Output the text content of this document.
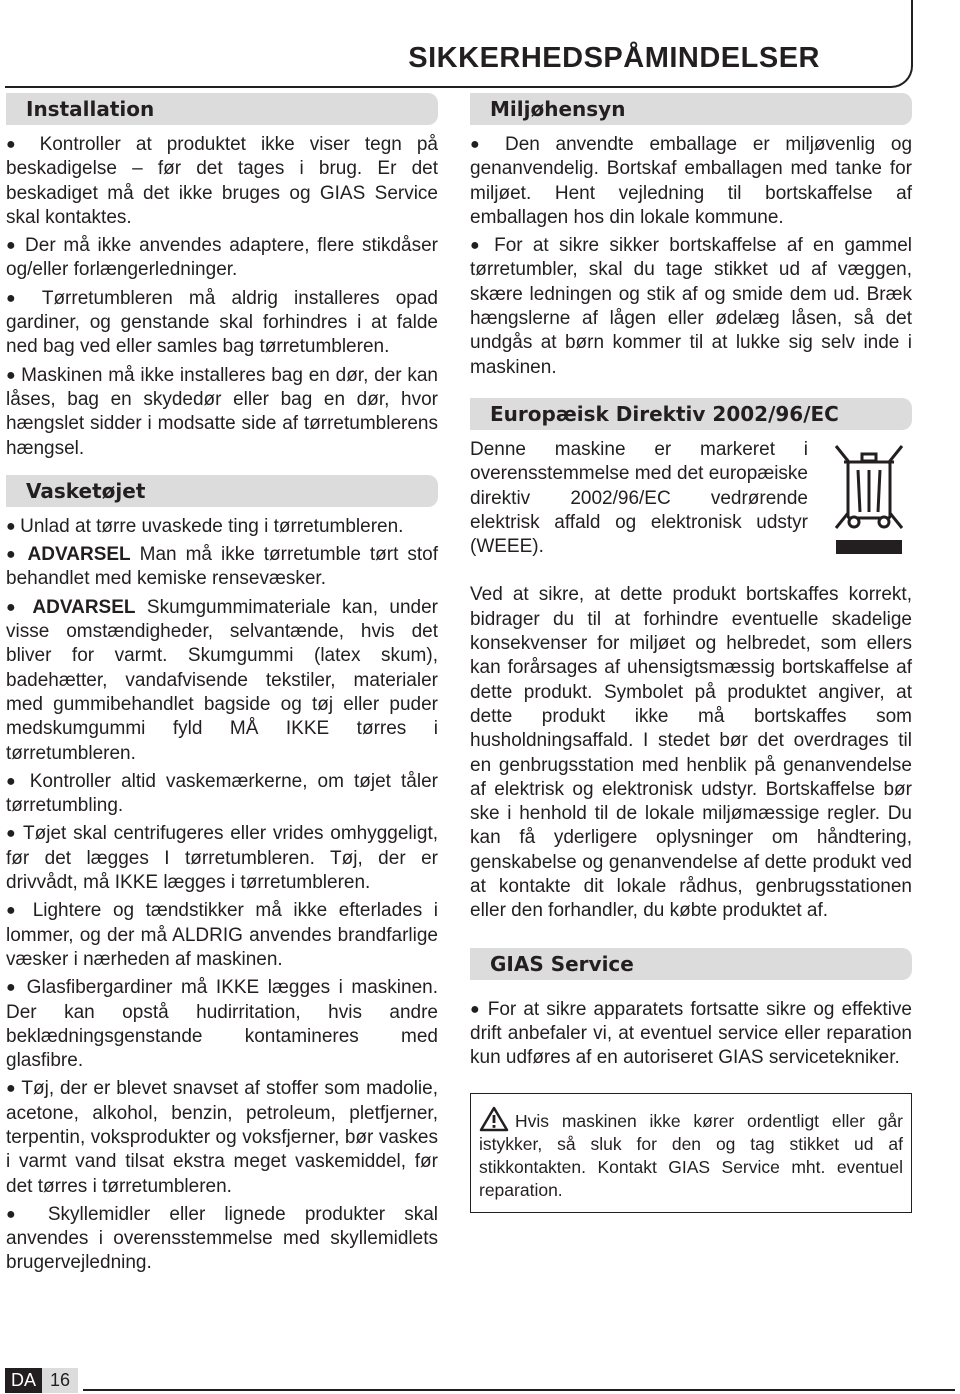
SIKKERHEDSPÅMINDELSER
Installation

● Kontroller at produktet ikke viser tegn på beskadigelse – før det tages i brug. Er det beskadiget må det ikke bruges og GIAS Service skal kontaktes.

● Der må ikke anvendes adaptere, flere stikdåser og/eller forlængerledninger.

● Tørretumbleren må aldrig installeres opad gardiner, og genstande skal forhindres i at falde ned bag ved eller samles bag tørretumbleren.

● Maskinen må ikke installeres bag en dør, der kan låses, bag en skydedør eller bag en dør, hvor hængslet sidder i modsatte side af tørretumblerens hængsel.

Vasketøjet

● Unlad at tørre uvaskede ting i tørretumbleren.

● ADVARSEL Man må ikke tørretumble tørt stof behandlet med kemiske rensevæsker.

● ADVARSEL Skumgummimateriale kan, under visse omstændigheder, selvantænde, hvis det bliver for varmt. Skumgummi (latex skum), badehætter, vandafvisende tekstiler, materialer med gummibehandlet bagside og tøj eller puder medskumgummi fyld MÅ IKKE tørres i tørretumbleren.

● Kontroller altid vaskemærkerne, om tøjet tåler tørretumbling.

● Tøjet skal centrifugeres eller vrides omhyggeligt, før det lægges I tørretumbleren. Tøj, der er drivvådt, må IKKE lægges i tørretumbleren.

● Lightere og tændstikker må ikke efterlades i lommer, og der må ALDRIG anvendes brandfarlige væsker i nærheden af maskinen.

● Glasfibergardiner må IKKE lægges i maskinen. Der kan opstå hudirritation, hvis andre beklædningsgenstande kontamineres med glasfibre.

● Tøj, der er blevet snavset af stoffer som madolie, acetone, alkohol, benzin, petroleum, pletfjerner, terpentin, voksprodukter og voksfjerner, bør vaskes i varmt vand tilsat ekstra meget vaskemiddel, før det tørres i tørretumbleren.

● Skyllemidler eller lignede produkter skal anvendes i overensstemmelse med skyllemidlets brugervejledning.

Miljøhensyn

● Den anvendte emballage er miljøvenlig og genanvendelig. Bortskaf emballagen med tanke for miljøet. Hent vejledning til bortskaffelse af emballagen hos din lokale kommune.

● For at sikre sikker bortskaffelse af en gammel tørretumbler, skal du tage stikket ud af væggen, skære ledningen og stik af og smide dem ud. Bræk hængslerne af lågen eller ødelæg låsen, så det undgås at børn kommer til at lukke sig selv inde i maskinen.

Europæisk Direktiv 2002/96/EC

Denne maskine er markeret i overensstemmelse med det europæiske direktiv 2002/96/EC vedrørende elektrisk affald og elektronisk udstyr (WEEE).

Ved at sikre, at dette produkt bortskaffes korrekt, bidrager du til at forhindre eventuelle skadelige konsekvenser for miljøet og helbredet, som ellers kan forårsages af uhensigtsmæssig bortskaffelse af dette produkt. Symbolet på produktet angiver, at dette produkt ikke må bortskaffes som husholdningsaffald. I stedet bør det overdrages til en genbrugsstation med henblik på genanvendelse af elektrisk og elektronisk udstyr. Bortskaffelse bør ske i henhold til de lokale miljømæssige regler. Du kan få yderligere oplysninger om håndtering, genskabelse og genanvendelse af dette produkt ved at kontakte dit lokale rådhus, genbrugsstationen eller den forhandler, du købte produktet af.

GIAS Service

● For at sikre apparatets fortsatte sikre og effektive drift anbefaler vi, at eventuel service eller reparation kun udføres af en autoriseret GIAS servicetekniker.

Hvis maskinen ikke kører ordentligt eller går istykker, så sluk for den og tag stikket ud af stikkontakten. Kontakt GIAS Service mht. eventuel reparation.

DA 16
